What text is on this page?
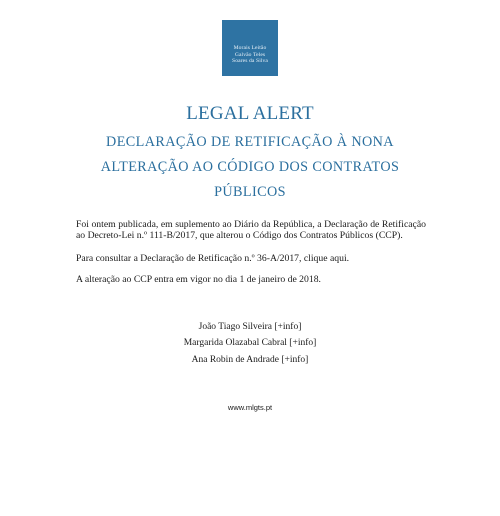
Morais Leitão
Galvão Teles
Soares da Silva
LEGAL ALERT
DECLARAÇÃO DE RETIFICAÇÃO À NONA
ALTERAÇÃO AO CÓDIGO DOS CONTRATOS
PÚBLICOS

Foi ontem publicada, em suplemento ao Diário da República, a Declaração de Retificação ao Decreto-Lei n.º 111-B/2017, que alterou o Código dos Contratos Públicos (CCP).

Para consultar a Declaração de Retificação n.º 36-A/2017, clique aqui.

A alteração ao CCP entra em vigor no dia 1 de janeiro de 2018.

João Tiago Silveira [+info]
Margarida Olazabal Cabral [+info]
Ana Robin de Andrade [+info]
www.mlgts.pt
